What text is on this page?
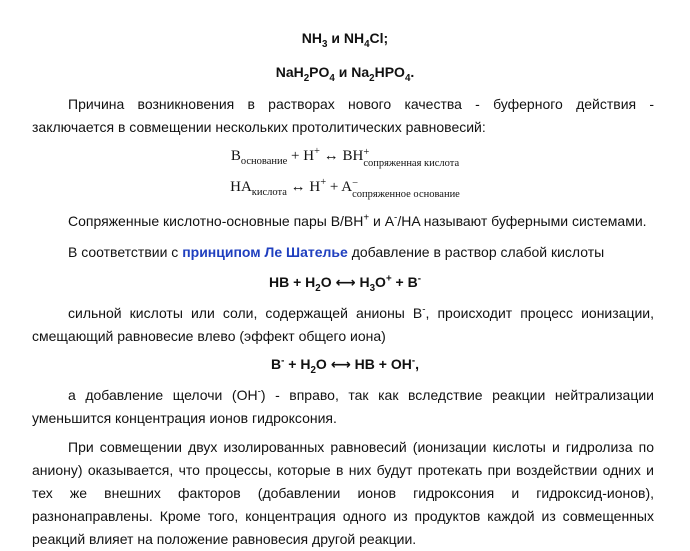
$NH_3$ и $NH_4Cl$;
$NaH_2PO_4$ и $Na_2HPO_4$.
Причина возникновения в растворах нового качества - буферного действия - заключается в совмещении нескольких протолитических равновесий:
$B_{основание} + H^+$ ↔ BH +
сопряженная кислота
$HA_{кислота}$ ↔ H+ + A −
сопряженное основание
Сопряженные кислотно-основные пары B/BH+ и A-/HA называют буферными системами.
В соответствии с принципом Ле Шателье добавление в раствор слабой кислоты
HB + $H_2O$ ⟷ $H_3O^+ + B^-$
сильной кислоты или соли, содержащей анионы B-, происходит процесс ионизации, смещающий равновесие влево (эффект общего иона)
$B^- + H_2O$ ⟷ HB + OH-,
а добавление щелочи (OH-) - вправо, так как вследствие реакции нейтрализации уменьшится концентрация ионов гидроксония.
При совмещении двух изолированных равновесий (ионизации кислоты и гидролиза по аниону) оказывается, что процессы, которые в них будут протекать при воздействии одних и тех же внешних факторов (добавлении ионов гидроксония и гидроксид-ионов), разнонаправлены. Кроме того, концентрация одного из продуктов каждой из совмещенных реакций влияет на положение равновесия другой реакции.
